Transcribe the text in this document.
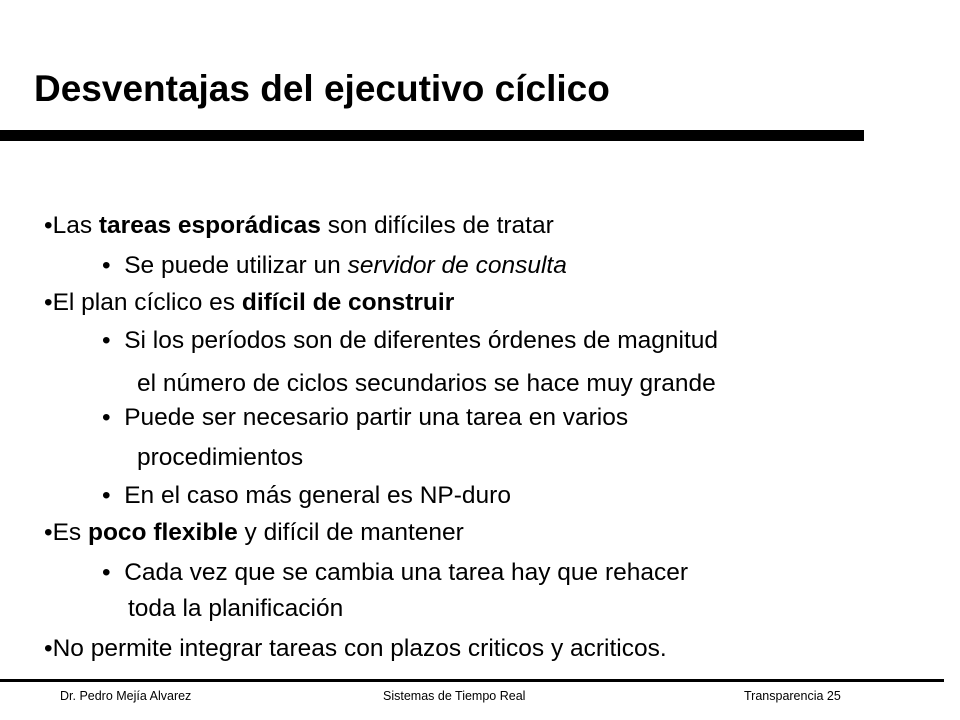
Desventajas del ejecutivo cíclico
•Las tareas esporádicas son difíciles de tratar
• Se puede utilizar un servidor de consulta
•El plan cíclico es difícil de construir
• Si los períodos son de diferentes órdenes de magnitud
el número de ciclos secundarios se hace muy grande
• Puede ser necesario partir una tarea en varios
procedimientos
• En el caso más general es NP-duro
•Es poco flexible y difícil de mantener
• Cada vez que se cambia una tarea hay que rehacer
toda la planificación
•No permite integrar tareas con plazos criticos y acriticos.
Dr. Pedro Mejía Alvarez	Sistemas de Tiempo Real	Transparencia 25
